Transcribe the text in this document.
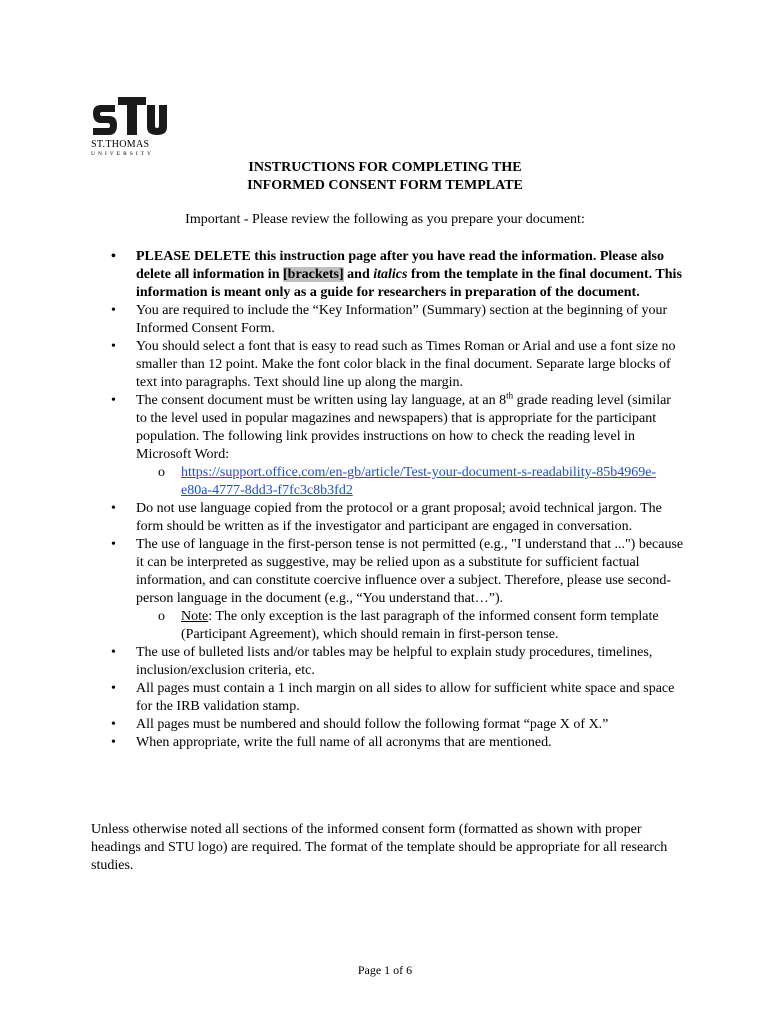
ST.THOMAS
UNIVERSITY
INSTRUCTIONS FOR COMPLETING THE
INFORMED CONSENT FORM TEMPLATE
Important - Please review the following as you prepare your document:
•	PLEASE DELETE this instruction page after you have read the information. Please also delete all information in [brackets] and italics from the template in the final document. This information is meant only as a guide for researchers in preparation of the document.
•	You are required to include the “Key Information” (Summary) section at the beginning of your Informed Consent Form.
•	You should select a font that is easy to read such as Times Roman or Arial and use a font size no smaller than 12 point. Make the font color black in the final document. Separate large blocks of text into paragraphs. Text should line up along the margin.
•	The consent document must be written using lay language, at an 8th grade reading level (similar to the level used in popular magazines and newspapers) that is appropriate for the participant population. The following link provides instructions on how to check the reading level in Microsoft Word:
o https://support.office.com/en-gb/article/Test-your-document-s-readability-85b4969e-e80a-4777-8dd3-f7fc3c8b3fd2
•	Do not use language copied from the protocol or a grant proposal; avoid technical jargon. The form should be written as if the investigator and participant are engaged in conversation.
•	The use of language in the first-person tense is not permitted (e.g., "I understand that ...") because it can be interpreted as suggestive, may be relied upon as a substitute for sufficient factual information, and can constitute coercive influence over a subject. Therefore, please use second-person language in the document (e.g., “You understand that…”).
o Note: The only exception is the last paragraph of the informed consent form template (Participant Agreement), which should remain in first-person tense.
•	The use of bulleted lists and/or tables may be helpful to explain study procedures, timelines, inclusion/exclusion criteria, etc.
•	All pages must contain a 1 inch margin on all sides to allow for sufficient white space and space for the IRB validation stamp.
•	All pages must be numbered and should follow the following format “page X of X.”
•	When appropriate, write the full name of all acronyms that are mentioned.
Unless otherwise noted all sections of the informed consent form (formatted as shown with proper headings and STU logo) are required. The format of the template should be appropriate for all research studies.
Page 1 of 6
